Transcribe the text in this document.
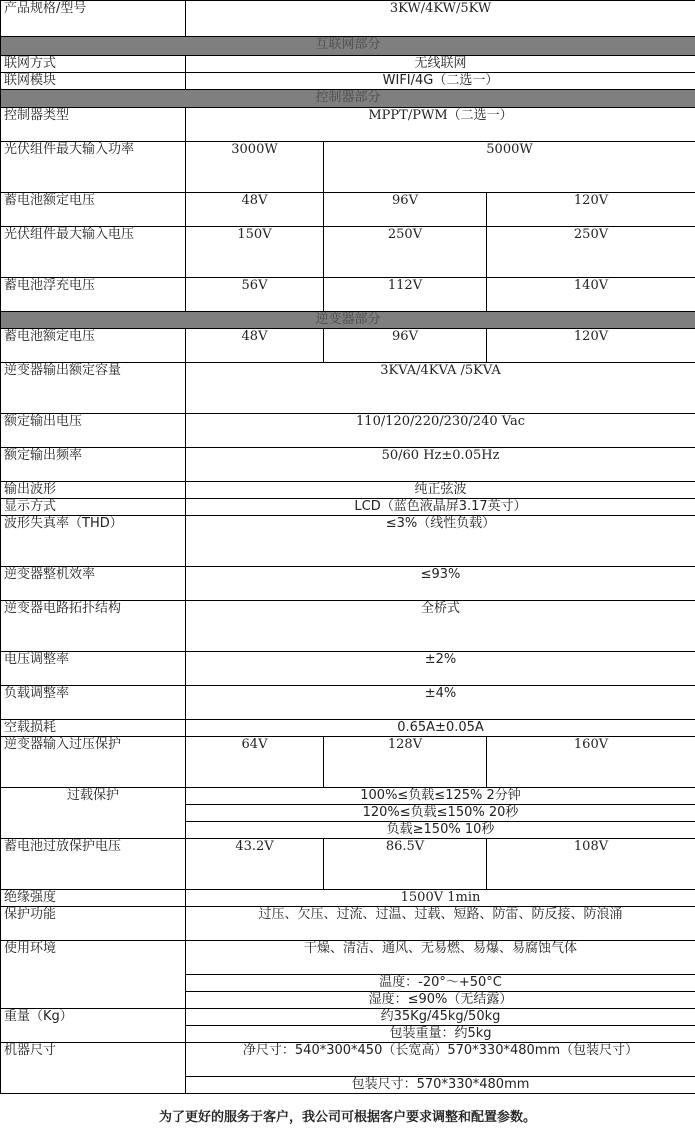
产品规格/型号	3KW/4KW/5KW		
互联网部分			
联网方式	无线联网		
联网模块	WIFI/4G（二选一）		
控制器部分			
控制器类型	MPPT/PWM（二选一）		
光伏组件最大输入功率	3000W	5000W	
蓄电池额定电压	48V	96V	120V
光伏组件最大输入电压	150V	250V	250V
蓄电池浮充电压	56V	112V	140V
逆变器部分			
蓄电池额定电压	48V	96V	120V
逆变器输出额定容量	3KVA/4KVA /5KVA		
额定输出电压	110/120/220/230/240 Vac		
额定输出频率	50/60 Hz±0.05Hz		
输出波形	纯正弦波		
显示方式	LCD（蓝色液晶屏3.17英寸）		
波形失真率（THD）	≤3%（线性负载）		
逆变器整机效率	≤93%		
逆变器电路拓扑结构	全桥式		
电压调整率	±2%		
负载调整率	±4%		
空载损耗	0.65A±0.05A		
逆变器输入过压保护	64V	128V	160V
过载保护	100%≤负载≤125% 2分钟		
	120%≤负载≤150% 20秒		
	负载≥150% 10秒		
蓄电池过放保护电压	43.2V	86.5V	108V
绝缘强度	1500V 1min		
保护功能	过压、欠压、过流、过温、过载、短路、防雷、防反接、防浪涌		
使用环境	干燥、清洁、通风、无易燃、易爆、易腐蚀气体		
	温度：-20°～+50°C		
	湿度：≤90%（无结露）		
重量（Kg）	约35Kg/45kg/50kg		
	包装重量：约5kg		
机器尺寸	净尺寸：540*300*450（长宽高）570*330*480mm（包装尺寸）		
	包装尺寸：570*330*480mm		
为了更好的服务于客户，我公司可根据客户要求调整和配置参数。
